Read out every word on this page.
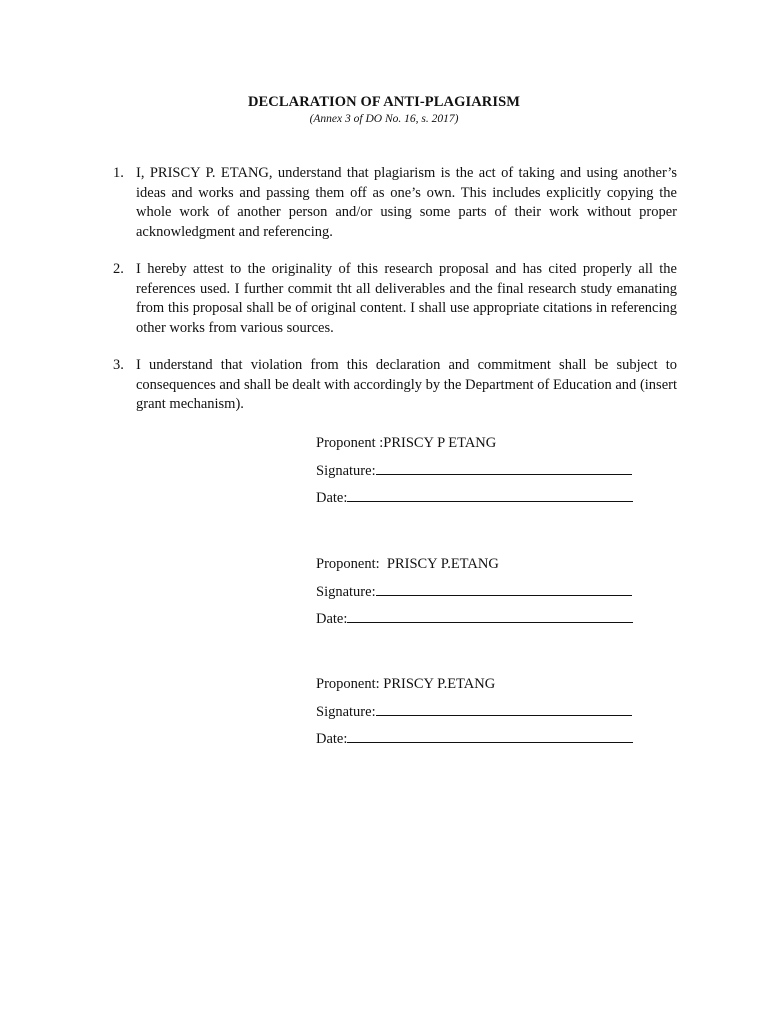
DECLARATION OF ANTI-PLAGIARISM
(Annex 3 of DO No. 16, s. 2017)
1. I, PRISCY P. ETANG, understand that plagiarism is the act of taking and using another’s ideas and works and passing them off as one’s own. This includes explicitly copying the whole work of another person and/or using some parts of their work without proper acknowledgment and referencing.
2. I hereby attest to the originality of this research proposal and has cited properly all the references used. I further commit tht all deliverables and the final research study emanating from this proposal shall be of original content. I shall use appropriate citations in referencing other works from various sources.
3. I understand that violation from this declaration and commitment shall be subject to consequences and shall be dealt with accordingly by the Department of Education and (insert grant mechanism).
Proponent :PRISCY P ETANG
Signature:
Date:
Proponent:  PRISCY P.ETANG
Signature:
Date:
Proponent: PRISCY P.ETANG
Signature:
Date:
